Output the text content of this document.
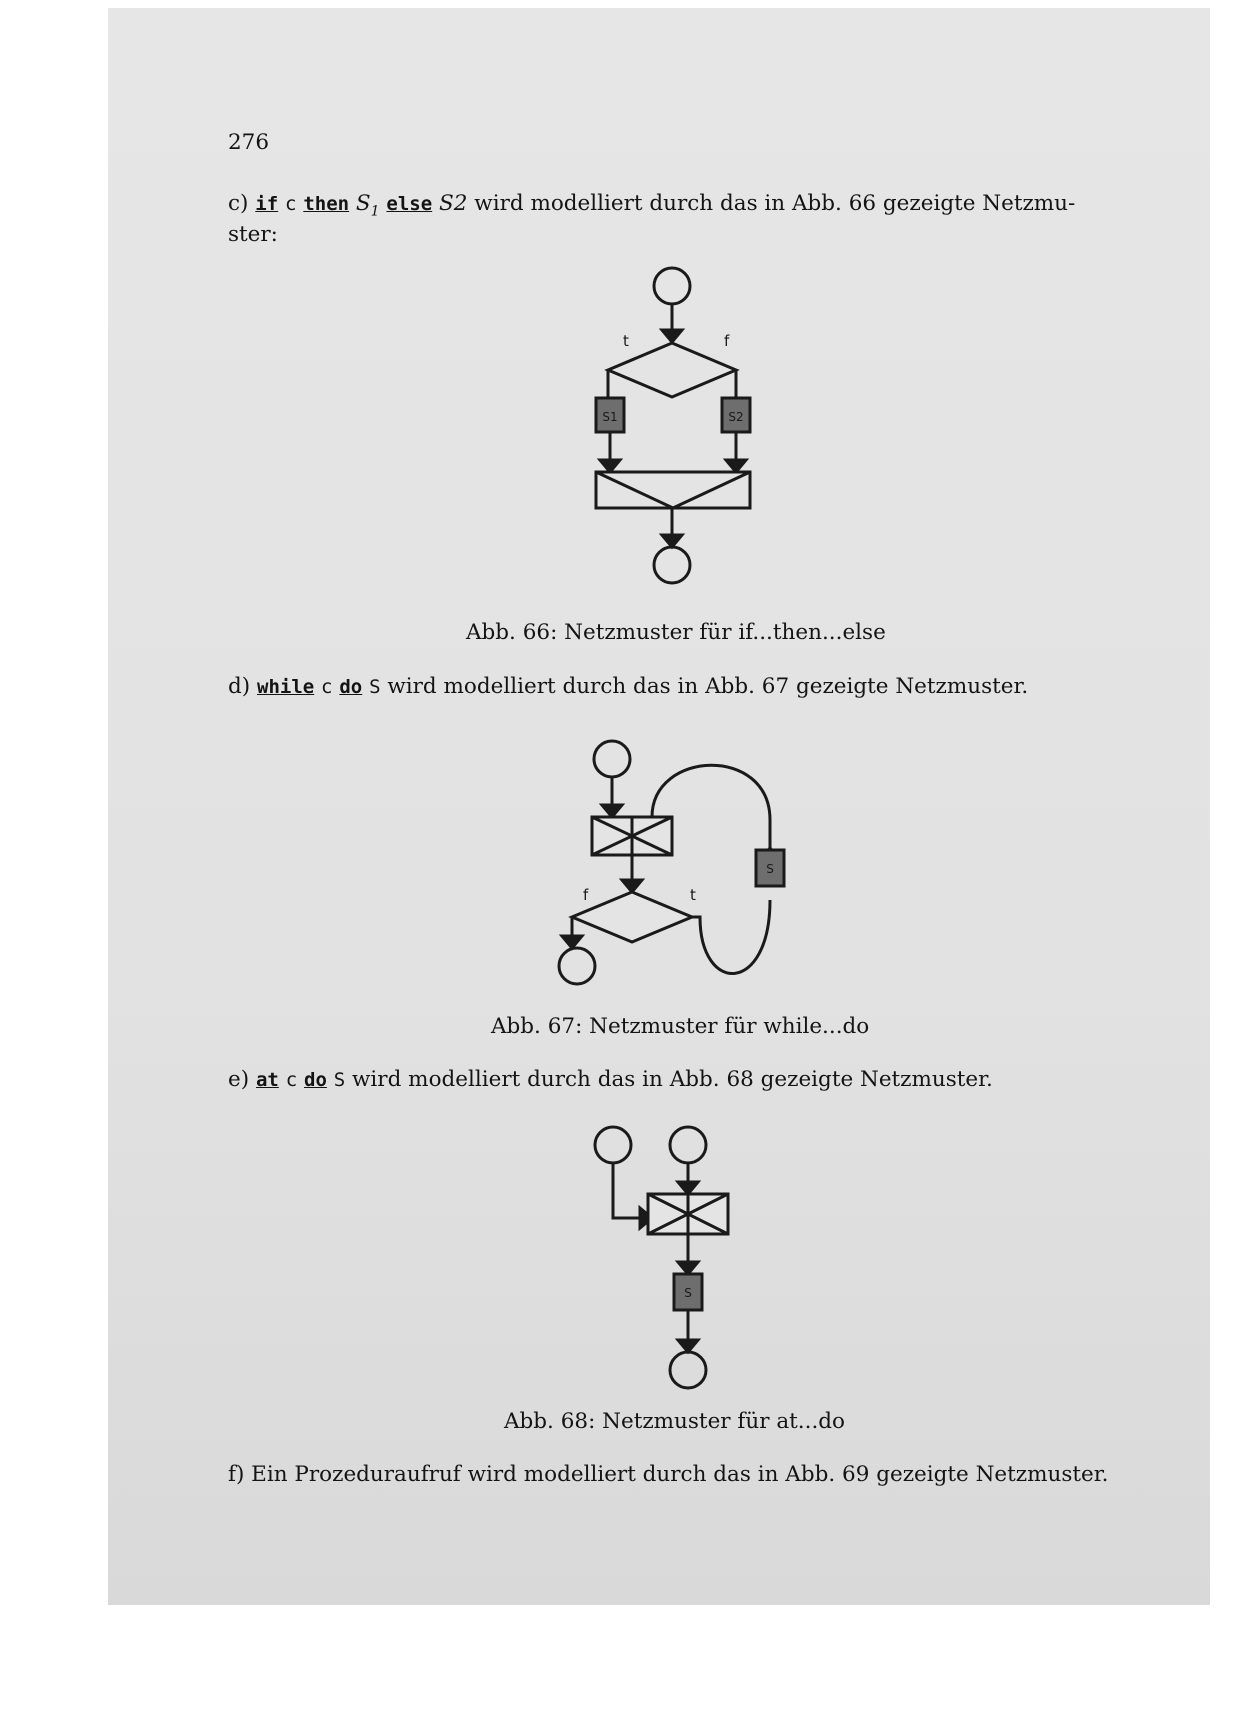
276
c) if c then $S_1$ else S2 wird modelliert durch das in Abb. 66 gezeigte Netzmu-
ster:
t	f
S1	S2
Abb. 66: Netzmuster für if...then...else
d) while c do S wird modelliert durch das in Abb. 67 gezeigte Netzmuster.
S
f	t
Abb. 67: Netzmuster für while...do
e) at c do S wird modelliert durch das in Abb. 68 gezeigte Netzmuster.
S
Abb. 68: Netzmuster für at...do
f) Ein Prozeduraufruf wird modelliert durch das in Abb. 69 gezeigte Netzmuster.
